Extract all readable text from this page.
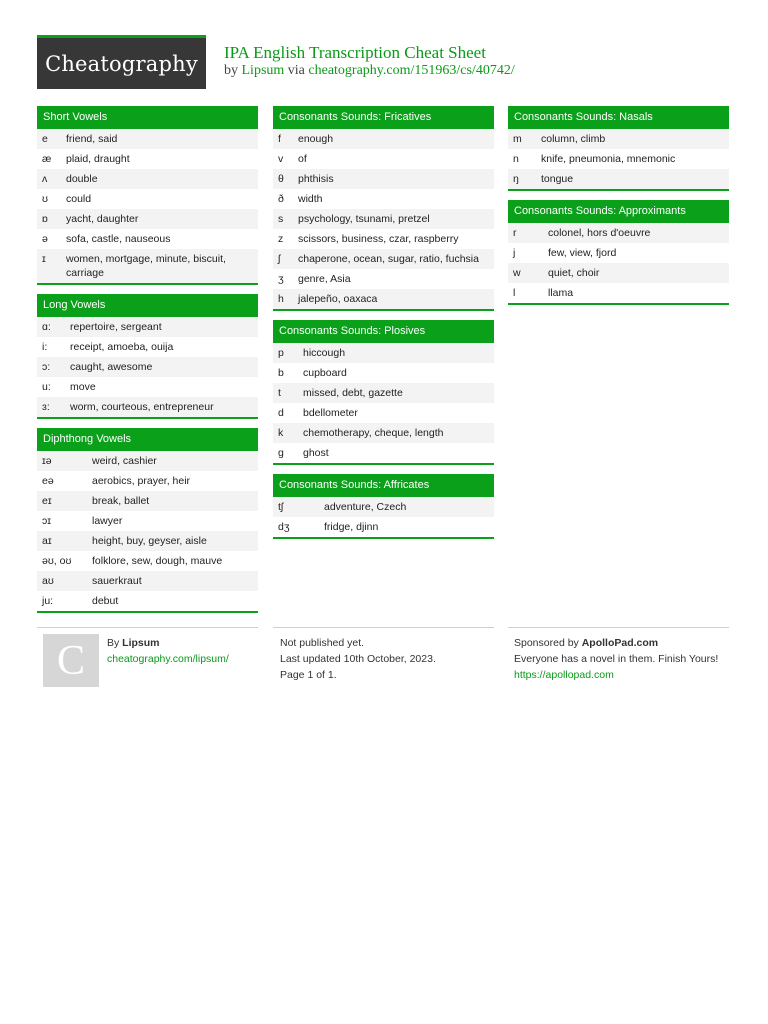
Cheatography IPA English Transcription Cheat Sheet
by Lipsum via cheatography.com/151963/cs/40742/
Short Vowels
e	friend, said
æ	plaid, draught
ʌ	double
ʊ	could
ɒ	yacht, daughter
ə	sofa, castle, nauseous
ɪ	women, mortgage, minute, biscuit, carriage
Long Vowels
ɑ:	repertoire, sergeant
i:	receipt, amoeba, ouija
ɔ:	caught, awesome
u:	move
ɜ:	worm, courteous, entrepreneur
Diphthong Vowels
ɪə	weird, cashier
eə	aerobics, prayer, heir
eɪ	break, ballet
ɔɪ	lawyer
aɪ	height, buy, geyser, aisle
əʊ, oʊ	folklore, sew, dough, mauve
aʊ	sauerkraut
ju:	debut
Consonants Sounds: Fricatives
f	enough
v	of
θ	phthisis
ð	width
s	psychology, tsunami, pretzel
z	scissors, business, czar, raspberry
ʃ	chaperone, ocean, sugar, ratio, fuchsia
ʒ	genre, Asia
h	jalepeño, oaxaca
Consonants Sounds: Plosives
p	hiccough
b	cupboard
t	missed, debt, gazette
d	bdellometer
k	chemotherapy, cheque, length
g	ghost
Consonants Sounds: Affricates
tʃ	adventure, Czech
dʒ	fridge, djinn
Consonants Sounds: Nasals
m	column, climb
n	knife, pneumonia, mnemonic
ŋ	tongue
Consonants Sounds: Approximants
r	colonel, hors d'oeuvre
j	few, view, fjord
w	quiet, choir
l	llama
C By Lipsum
cheatography.com/lipsum/
Not published yet.
Last updated 10th October, 2023.
Page 1 of 1.
Sponsored by ApolloPad.com
Everyone has a novel in them. Finish Yours!
https://apollopad.com
